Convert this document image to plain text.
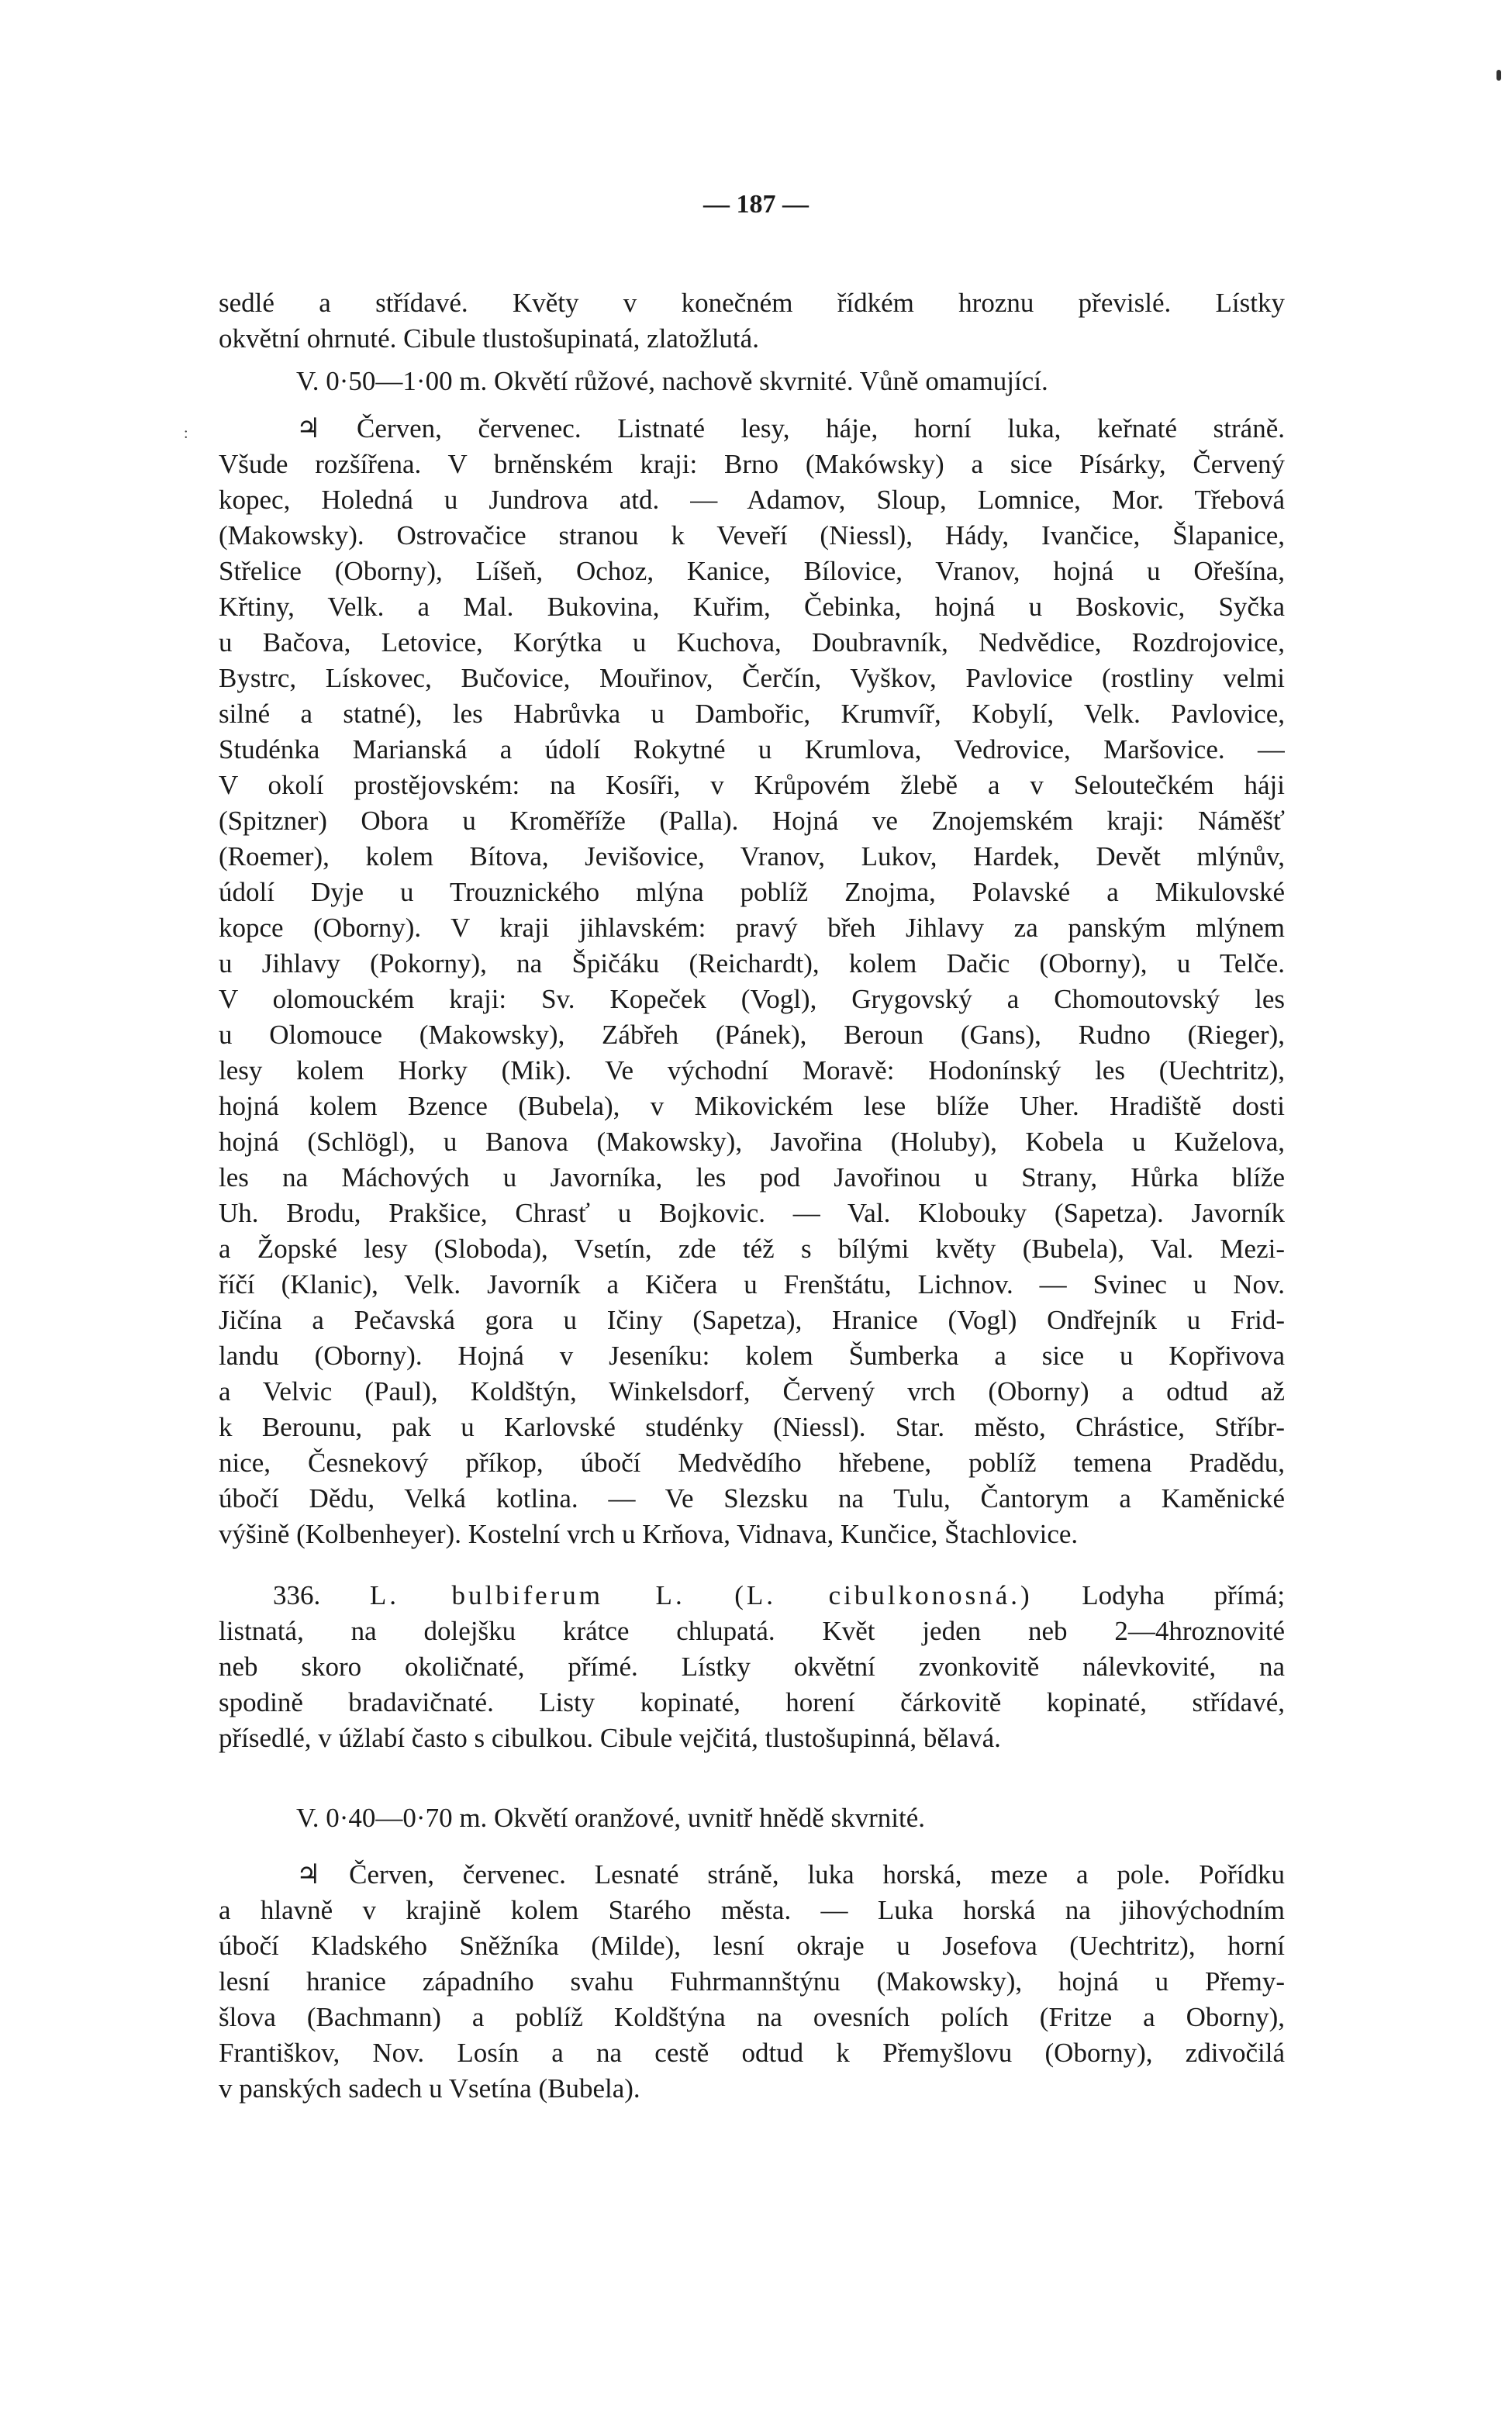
:
— 187 —
sedlé a střídavé. Květy v konečném řídkém hroznu převislé. Lístky
okvětní ohrnuté. Cibule tlustošupinatá, zlatožlutá.
V. 0·50—1·00 m. Okvětí růžové, nachově skvrnité. Vůně omamující.
♃ Červen, červenec. Listnaté lesy, háje, horní luka, keřnaté stráně.
Všude rozšířena. V brněnském kraji: Brno (Makówsky) a sice Písárky, Červený
kopec, Holedná u Jundrova atd. — Adamov, Sloup, Lomnice, Mor. Třebová
(Makowsky). Ostrovačice stranou k Veveří (Niessl), Hády, Ivančice, Šlapanice,
Střelice (Oborny), Líšeň, Ochoz, Kanice, Bílovice, Vranov, hojná u Ořešína,
Křtiny, Velk. a Mal. Bukovina, Kuřim, Čebinka, hojná u Boskovic, Syčka
u Bačova, Letovice, Korýtka u Kuchova, Doubravník, Nedvědice, Rozdrojovice,
Bystrc, Lískovec, Bučovice, Mouřinov, Čerčín, Vyškov, Pavlovice (rostliny velmi
silné a statné), les Habrůvka u Dambořic, Krumvíř, Kobylí, Velk. Pavlovice,
Studénka Marianská a údolí Rokytné u Krumlova, Vedrovice, Maršovice. —
V okolí prostějovském: na Kosíři, v Krůpovém žlebě a v Seloutečkém háji
(Spitzner) Obora u Kroměříže (Palla). Hojná ve Znojemském kraji: Náměšť
(Roemer), kolem Bítova, Jevišovice, Vranov, Lukov, Hardek, Devět mlýnův,
údolí Dyje u Trouznického mlýna poblíž Znojma, Polavské a Mikulovské
kopce (Oborny). V kraji jihlavském: pravý břeh Jihlavy za panským mlýnem
u Jihlavy (Pokorny), na Špičáku (Reichardt), kolem Dačic (Oborny), u Telče.
V olomouckém kraji: Sv. Kopeček (Vogl), Grygovský a Chomoutovský les
u Olomouce (Makowsky), Zábřeh (Pánek), Beroun (Gans), Rudno (Rieger),
lesy kolem Horky (Mik). Ve východní Moravě: Hodonínský les (Uechtritz),
hojná kolem Bzence (Bubela), v Mikovickém lese blíže Uher. Hradiště dosti
hojná (Schlögl), u Banova (Makowsky), Javořina (Holuby), Kobela u Kuželova,
les na Máchových u Javorníka, les pod Javořinou u Strany, Hůrka blíže
Uh. Brodu, Prakšice, Chrasť u Bojkovic. — Val. Klobouky (Sapetza). Javorník
a Žopské lesy (Sloboda), Vsetín, zde též s bílými květy (Bubela), Val. Mezi-
říčí (Klanic), Velk. Javorník a Kičera u Frenštátu, Lichnov. — Svinec u Nov.
Jičína a Pečavská gora u Ičiny (Sapetza), Hranice (Vogl) Ondřejník u Frid-
landu (Oborny). Hojná v Jeseníku: kolem Šumberka a sice u Kopřivova
a Velvic (Paul), Koldštýn, Winkelsdorf, Červený vrch (Oborny) a odtud až
k Berounu, pak u Karlovské studénky (Niessl). Star. město, Chrástice, Stříbr-
nice, Česnekový příkop, úbočí Medvědího hřebene, poblíž temena Pradědu,
úbočí Dědu, Velká kotlina. — Ve Slezsku na Tulu, Čantorym a Kaměnické
výšině (Kolbenheyer). Kostelní vrch u Krňova, Vidnava, Kunčice, Štachlovice.
336. L. bulbiferum L. (L. cibulkonosná.) Lodyha přímá;
listnatá, na dolejšku krátce chlupatá. Květ jeden neb 2—4hroznovité
neb skoro okoličnaté, přímé. Lístky okvětní zvonkovitě nálevkovité, na
spodině bradavičnaté. Listy kopinaté, horení čárkovitě kopinaté, střídavé,
přísedlé, v úžlabí často s cibulkou. Cibule vejčitá, tlustošupinná, bělavá.
V. 0·40—0·70 m. Okvětí oranžové, uvnitř hnědě skvrnité.
♃ Červen, červenec. Lesnaté stráně, luka horská, meze a pole. Pořídku
a hlavně v krajině kolem Starého města. — Luka horská na jihovýchodním
úbočí Kladského Sněžníka (Milde), lesní okraje u Josefova (Uechtritz), horní
lesní hranice západního svahu Fuhrmannštýnu (Makowsky), hojná u Přemy-
šlova (Bachmann) a poblíž Koldštýna na ovesních polích (Fritze a Oborny),
Františkov, Nov. Losín a na cestě odtud k Přemyšlovu (Oborny), zdivočilá
v panských sadech u Vsetína (Bubela).
